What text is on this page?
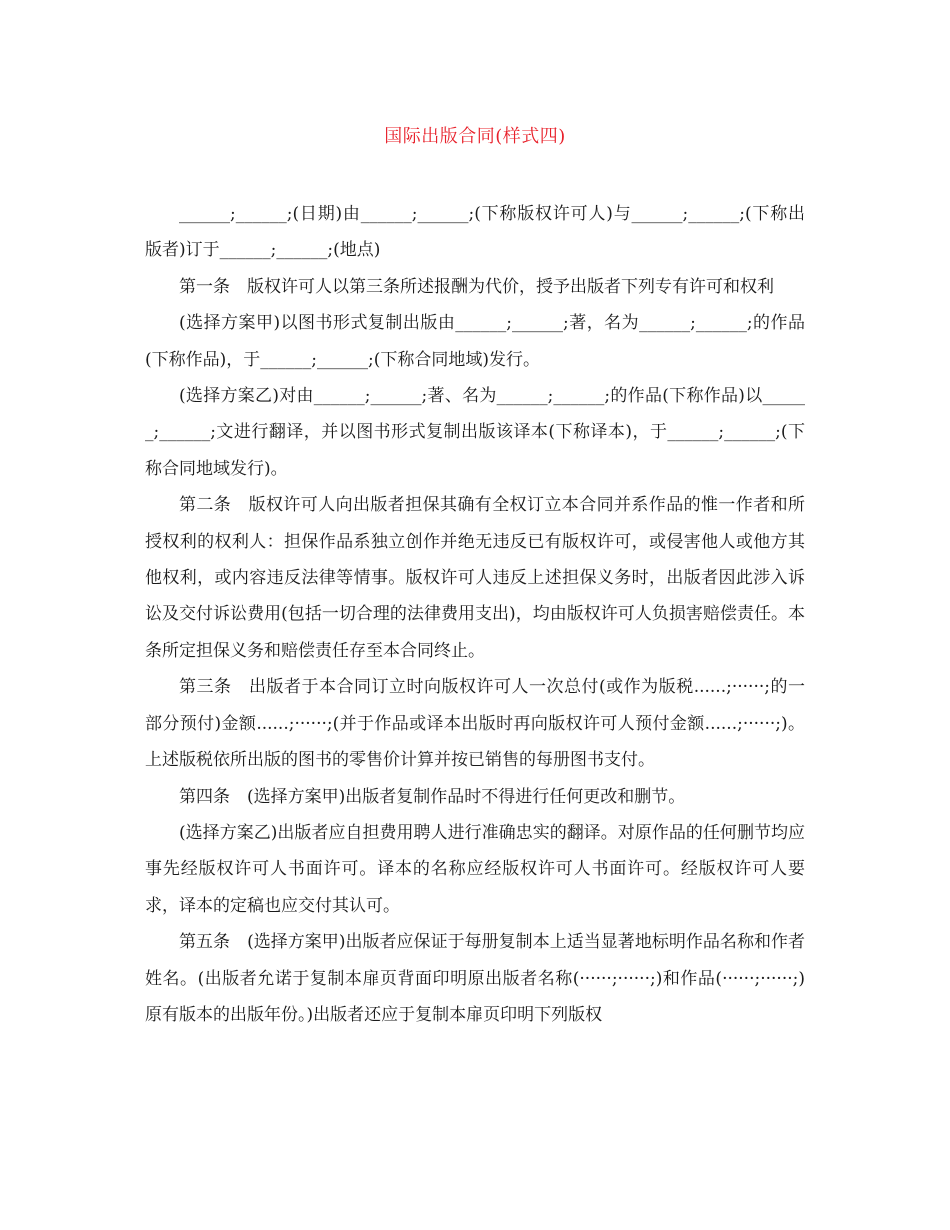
国际出版合同(样式四)

______;______;(日期)由______;______;(下称版权许可人)与______;______;(下称出版者)订于______;______;(地点)

第一条　版权许可人以第三条所述报酬为代价，授予出版者下列专有许可和权利

(选择方案甲)以图书形式复制出版由______;______;著，名为______;______;的作品(下称作品)，于______;______;(下称合同地域)发行。

(选择方案乙)对由______;______;著、名为______;______;的作品(下称作品)以______;______;文进行翻译，并以图书形式复制出版该译本(下称译本)，于______;______;(下称合同地域发行)。

第二条　版权许可人向出版者担保其确有全权订立本合同并系作品的惟一作者和所授权利的权利人：担保作品系独立创作并绝无违反已有版权许可，或侵害他人或他方其他权利，或内容违反法律等情事。版权许可人违反上述担保义务时，出版者因此涉入诉讼及交付诉讼费用(包括一切合理的法律费用支出)，均由版权许可人负损害赔偿责任。本条所定担保义务和赔偿责任存至本合同终止。

第三条　出版者于本合同订立时向版权许可人一次总付(或作为版税......;······;的一部分预付)金额......;······;(并于作品或译本出版时再向版权许可人预付金额......;······;)。上述版税依所出版的图书的零售价计算并按已销售的每册图书支付。

第四条　(选择方案甲)出版者复制作品时不得进行任何更改和删节。

(选择方案乙)出版者应自担费用聘人进行准确忠实的翻译。对原作品的任何删节均应事先经版权许可人书面许可。译本的名称应经版权许可人书面许可。经版权许可人要求，译本的定稿也应交付其认可。

第五条　(选择方案甲)出版者应保证于每册复制本上适当显著地标明作品名称和作者姓名。(出版者允诺于复制本扉页背面印明原出版者名称(······;······;)和作品(······;······;)原有版本的出版年份。)出版者还应于复制本扉页印明下列版权
